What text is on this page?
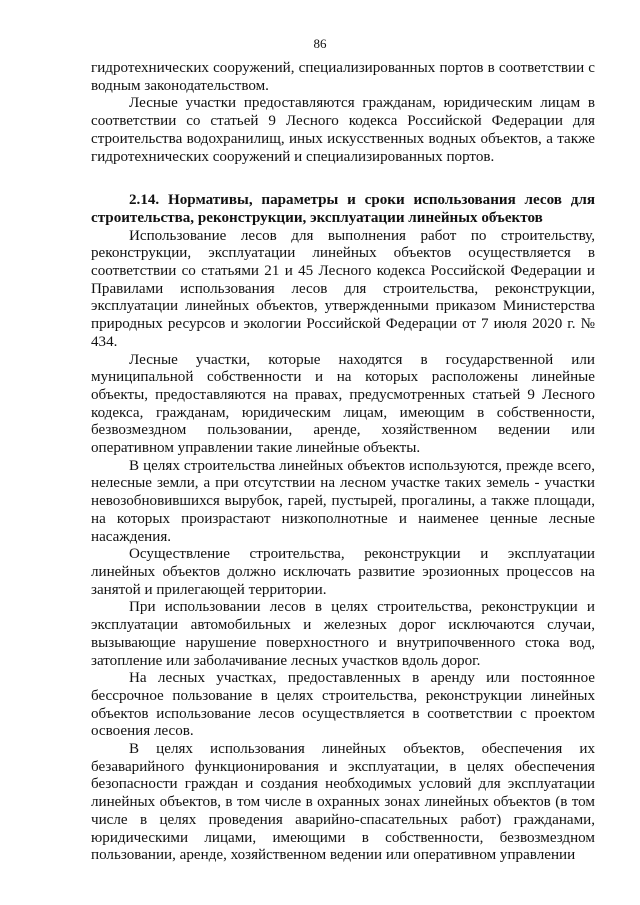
86

гидротехнических сооружений, специализированных портов в соответствии с водным законодательством.

Лесные участки предоставляются гражданам, юридическим лицам в соответствии со статьей 9 Лесного кодекса Российской Федерации для строительства водохранилищ, иных искусственных водных объектов, а также гидротехнических сооружений и специализированных портов.

2.14. Нормативы, параметры и сроки использования лесов для строительства, реконструкции, эксплуатации линейных объектов

Использование лесов для выполнения работ по строительству, реконструкции, эксплуатации линейных объектов осуществляется в соответствии со статьями 21 и 45 Лесного кодекса Российской Федерации и Правилами использования лесов для строительства, реконструкции, эксплуатации линейных объектов, утвержденными приказом Министерства природных ресурсов и экологии Российской Федерации от 7 июля 2020 г. № 434.

Лесные участки, которые находятся в государственной или муниципальной собственности и на которых расположены линейные объекты, предоставляются на правах, предусмотренных статьей 9 Лесного кодекса, гражданам, юридическим лицам, имеющим в собственности, безвозмездном пользовании, аренде, хозяйственном ведении или оперативном управлении такие линейные объекты.

В целях строительства линейных объектов используются, прежде всего, нелесные земли, а при отсутствии на лесном участке таких земель - участки невозобновившихся вырубок, гарей, пустырей, прогалины, а также площади, на которых произрастают низкополнотные и наименее ценные лесные насаждения.

Осуществление строительства, реконструкции и эксплуатации линейных объектов должно исключать развитие эрозионных процессов на занятой и прилегающей территории.

При использовании лесов в целях строительства, реконструкции и эксплуатации автомобильных и железных дорог исключаются случаи, вызывающие нарушение поверхностного и внутрипочвенного стока вод, затопление или заболачивание лесных участков вдоль дорог.

На лесных участках, предоставленных в аренду или постоянное бессрочное пользование в целях строительства, реконструкции линейных объектов использование лесов осуществляется в соответствии с проектом освоения лесов.

В целях использования линейных объектов, обеспечения их безаварийного функционирования и эксплуатации, в целях обеспечения безопасности граждан и создания необходимых условий для эксплуатации линейных объектов, в том числе в охранных зонах линейных объектов (в том числе в целях проведения аварийно-спасательных работ) гражданами, юридическими лицами, имеющими в собственности, безвозмездном пользовании, аренде, хозяйственном ведении или оперативном управлении
